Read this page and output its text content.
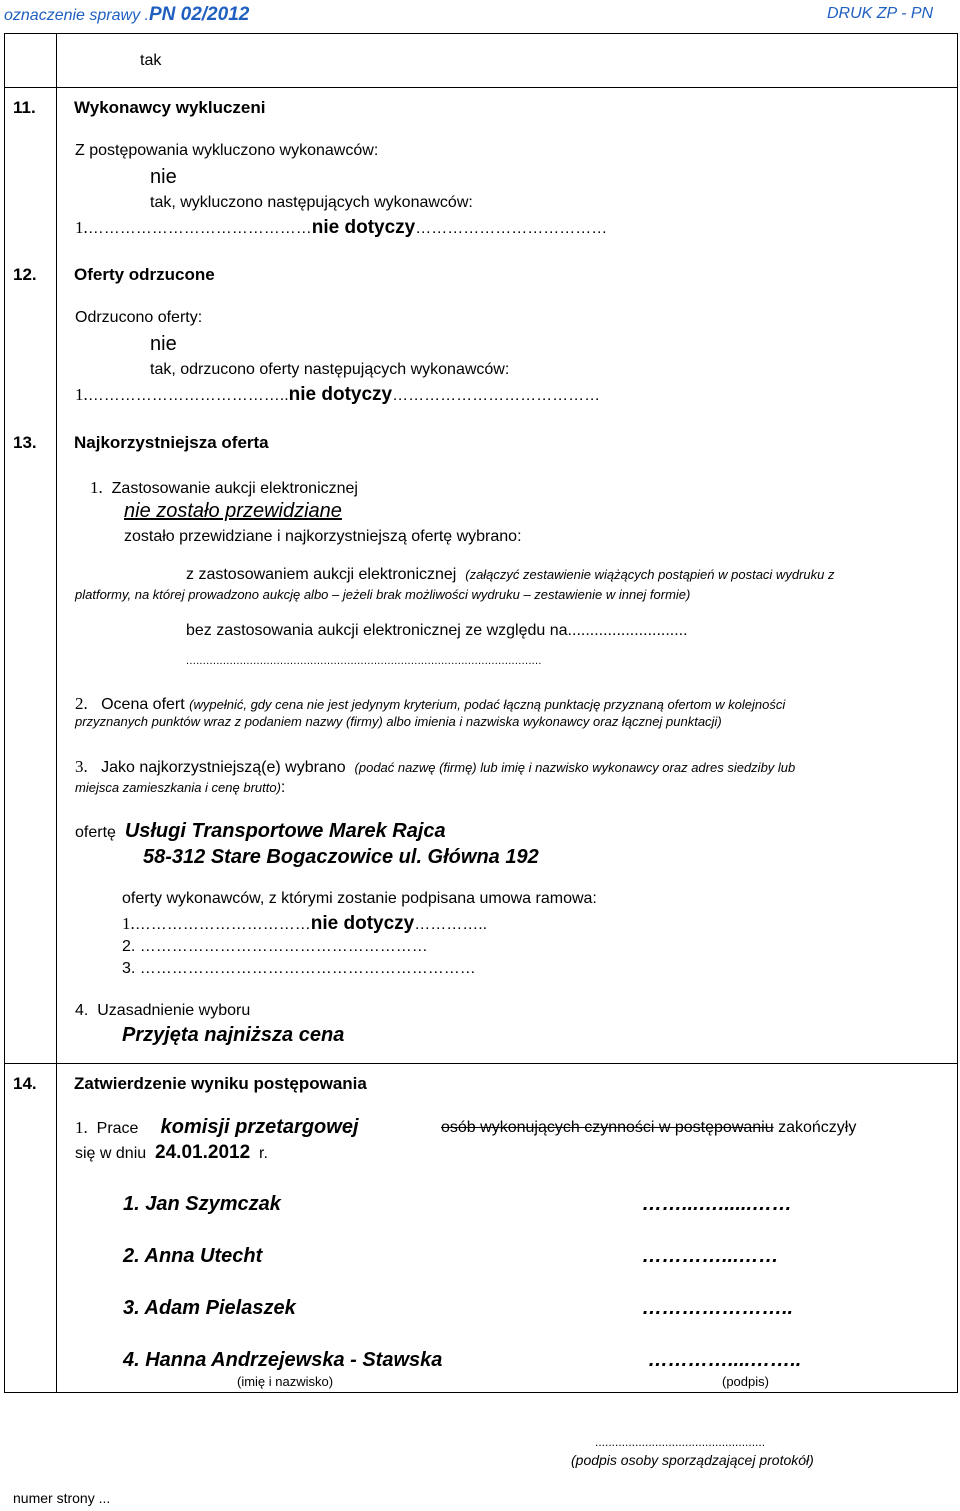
oznaczenie sprawy .PN 02/2012	DRUK ZP - PN
tak
11. Wykonawcy wykluczeni
Z postępowania wykluczono wykonawców:
nie
tak, wykluczono następujących wykonawców:
1.……………………………………nie dotyczy………………………………
12. Oferty odrzucone
Odrzucono oferty:
nie
tak, odrzucono oferty następujących wykonawców:
1.………………………………..nie dotyczy…………………………………
13. Najkorzystniejsza oferta
1. Zastosowanie aukcji elektronicznej
nie zostało przewidziane
zostało przewidziane i najkorzystniejszą ofertę wybrano:
z zastosowaniem aukcji elektronicznej (załączyć zestawienie wiążących postąpień w postaci wydruku z
platformy, na której prowadzono aukcję albo – jeżeli brak możliwości wydruku – zestawienie w innej formie)
bez zastosowania aukcji elektronicznej ze względu na...........................
..........................................................................................................
2. Ocena ofert (wypełnić, gdy cena nie jest jedynym kryterium, podać łączną punktację przyznaną ofertom w kolejności
przyznanych punktów wraz z podaniem nazwy (firmy) albo imienia i nazwiska wykonawcy oraz łącznej punktacji)
3. Jako najkorzystniejszą(e) wybrano (podać nazwę (firmę) lub imię i nazwisko wykonawcy oraz adres siedziby lub
miejsca zamieszkania i cenę brutto):
ofertę Usługi Transportowe Marek Rajca
58-312 Stare Bogaczowice ul. Główna 192
oferty wykonawców, z którymi zostanie podpisana umowa ramowa:
1.……………………………nie dotyczy…………..
2. ………………………………………………
3. ………………………………………………………
4. Uzasadnienie wyboru
Przyjęta najniższa cena
14. Zatwierdzenie wyniku postępowania
1. Prace komisji przetargowej	osób wykonujących czynności w postępowaniu zakończyły
się w dniu 24.01.2012 r.
1. Jan Szymczak	……...…......……
2. Anna Utecht	…………...……
3. Adam Pielaszek	…………………..
4. Hanna Andrzejewska - Stawska	…………....……..
(imię i nazwisko)	(podpis)
...................................................
(podpis osoby sporządzającej protokół)
numer strony ...
